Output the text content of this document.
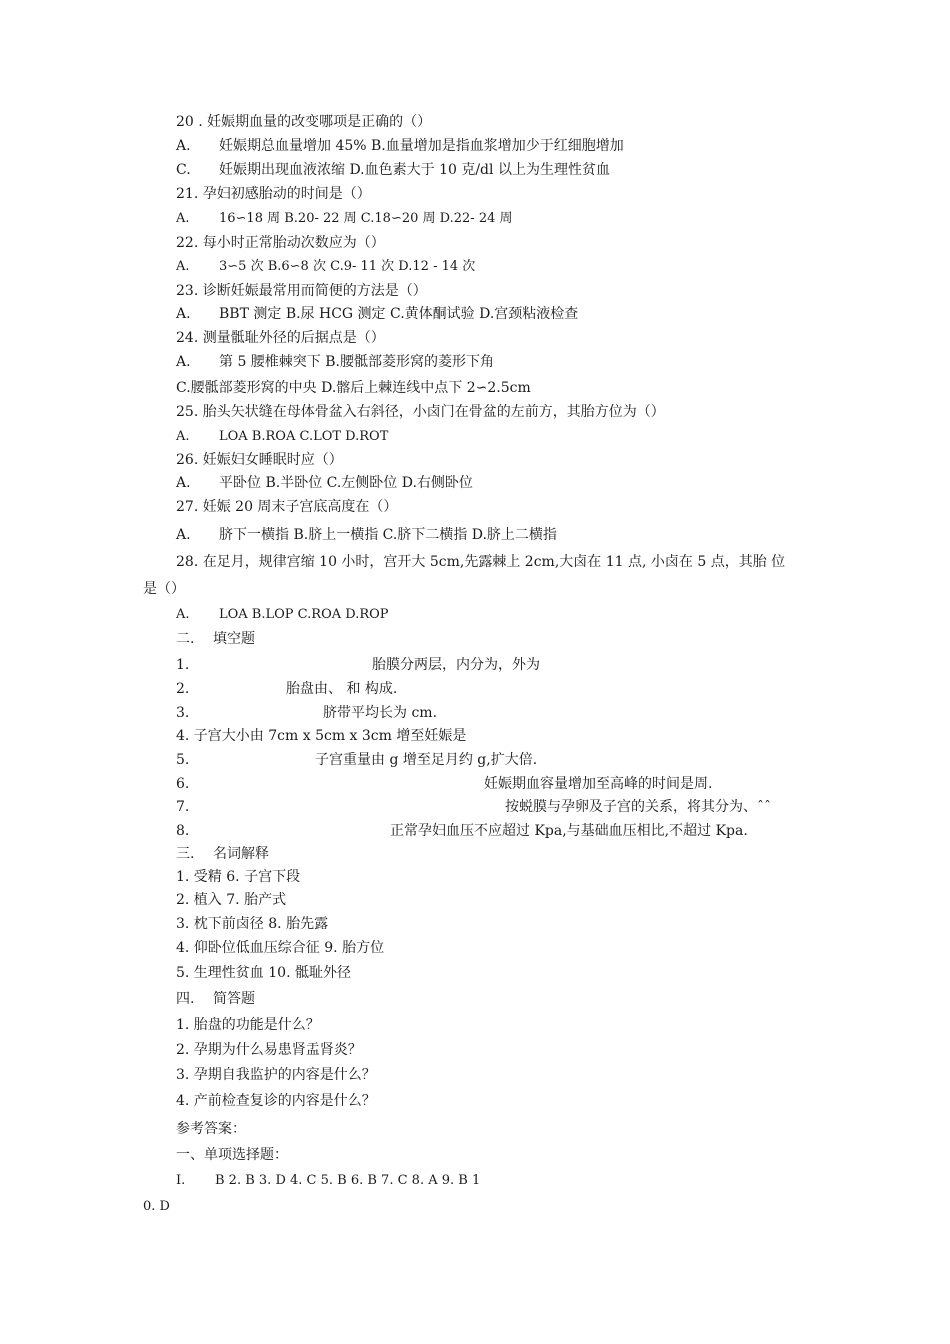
20 . 妊娠期血量的改变哪项是正确的（）
A. 妊娠期总血量增加 45% B.血量增加是指血浆增加少于红细胞增加
C. 妊娠期出现血液浓缩 D.血色素大于 10 克/dl 以上为生理性贫血
21. 孕妇初感胎动的时间是（）
A. 16∽18 周 B.20- 22 周 C.18∽20 周 D.22- 24 周
22. 每小时正常胎动次数应为（）
A. 3∽5 次 B.6∽8 次 C.9- 11 次 D.12 - 14 次
23. 诊断妊娠最常用而简便的方法是（）
A. BBT 测定 B.尿 HCG 测定 C.黄体酮试验 D.宫颈粘液检查
24. 测量骶耻外径的后据点是（）
A. 第 5 腰椎棘突下 B.腰骶部菱形窝的菱形下角
C.腰骶部菱形窝的中央 D.髂后上棘连线中点下 2∽2.5cm
25. 胎头矢状缝在母体骨盆入右斜径，小卤门在骨盆的左前方，其胎方位为（）
A. LOA B.ROA C.LOT D.ROT
26. 妊娠妇女睡眠时应（）
A. 平卧位 B.半卧位 C.左侧卧位 D.右侧卧位
27. 妊娠 20 周末子宫底高度在（）
A. 脐下一横指 B.脐上一横指 C.脐下二横指 D.脐上二横指
28. 在足月，规律宫缩 10 小时，宫开大 5cm,先露棘上 2cm,大卤在 11 点, 小卤在 5 点，其胎 位
是（）
A. LOA B.LOP C.ROA D.ROP
二. 填空题
1.	胎膜分两层，内分为，外为
2.	胎盘由、 和 构成.
3.	脐带平均长为 cm.
4. 子宫大小由 7cm x 5cm x 3cm 增至妊娠是
5.	子宫重量由 g 增至足月约 g,扩大倍.
6.	妊娠期血容量增加至高峰的时间是周.
7.	按蜕膜与孕卵及子宫的关系，将其分为、ˆˆ
8.	正常孕妇血压不应超过 Kpa,与基础血压相比,不超过 Kpa.
三. 名词解释
1. 受精 6. 子宫下段
2. 植入 7. 胎产式
3. 枕下前卤径 8. 胎先露
4. 仰卧位低血压综合征 9. 胎方位
5. 生理性贫血 10. 骶耻外径
四. 简答题
1. 胎盘的功能是什么？
2. 孕期为什么易患肾盂肾炎？
3. 孕期自我监护的内容是什么？
4. 产前检查复诊的内容是什么？
参考答案：
一、单项选择题：
I. B 2. B 3. D 4. C 5. B 6. B 7. C 8. A 9. B 1
0. D
